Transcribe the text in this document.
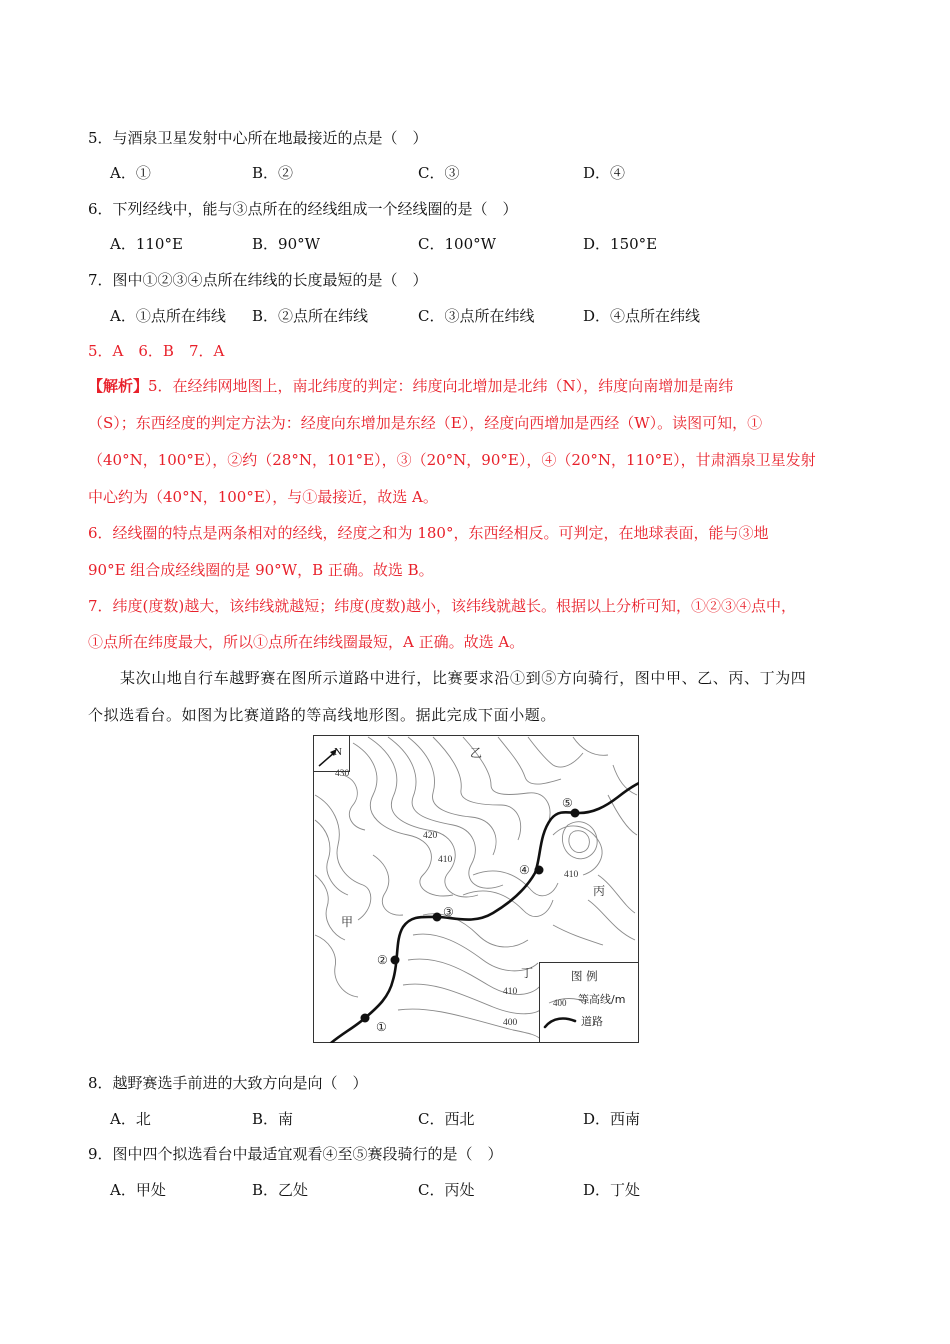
5．与酒泉卫星发射中心所在地最接近的点是（　）
A．①	B．②	C．③	D．④
6．下列经线中，能与③点所在的经线组成一个经线圈的是（　）
A．110°E	B．90°W	C．100°W	D．150°E
7．图中①②③④点所在纬线的长度最短的是（　）
A．①点所在纬线 B．②点所在纬线	C．③点所在纬线	D．④点所在纬线
5．A　6．B　7．A
【解析】5．在经纬网地图上，南北纬度的判定：纬度向北增加是北纬（N），纬度向南增加是南纬
（S）；东西经度的判定方法为：经度向东增加是东经（E），经度向西增加是西经（W）。读图可知，①
（40°N，100°E），②约（28°N，101°E），③（20°N，90°E），④（20°N，110°E），甘肃酒泉卫星发射
中心约为（40°N，100°E），与①最接近，故选 A。
6．经线圈的特点是两条相对的经线，经度之和为 180°，东西经相反。可判定，在地球表面，能与③地
90°E 组合成经线圈的是 90°W，B 正确。故选 B。
7．纬度(度数)越大，该纬线就越短；纬度(度数)越小，该纬线就越长。根据以上分析可知，①②③④点中，
①点所在纬度最大，所以①点所在纬线圈最短，A 正确。故选 A。
某次山地自行车越野赛在图所示道路中进行，比赛要求沿①到⑤方向骑行，图中甲、乙、丙、丁为四
个拟选看台。如图为比赛道路的等高线地形图。据此完成下面小题。
N
①
②
③
④
⑤
430
420
410
410
410
400
甲
乙
丙
丁	图 例
400 等高线/m
道路
8．越野赛选手前进的大致方向是向（　）
A．北	B．南	C．西北	D．西南
9．图中四个拟选看台中最适宜观看④至⑤赛段骑行的是（　）
A．甲处	B．乙处	C．丙处	D．丁处
